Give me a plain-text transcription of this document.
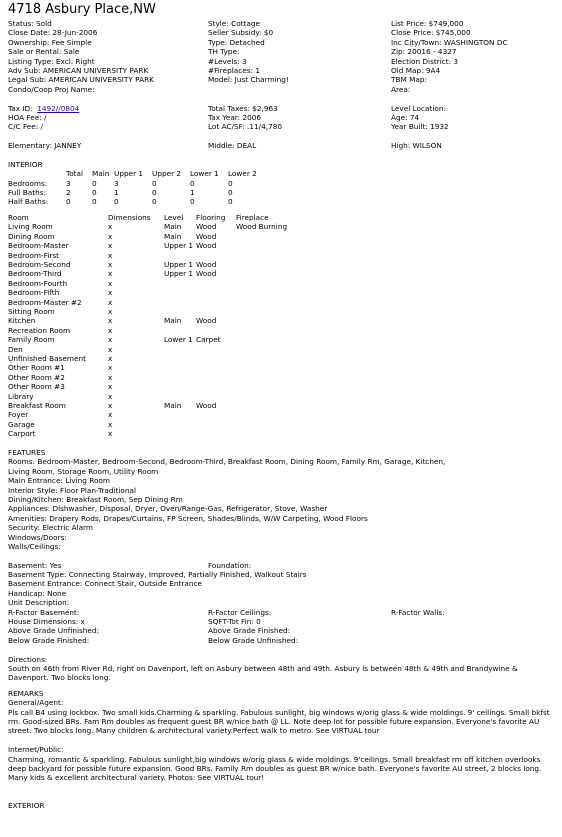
4718 Asbury Place,NW
Status: Sold
Close Date: 28-Jun-2006
Ownership: Fee Simple
Sale or Rental: Sale
Listing Type: Excl. Right
Adv Sub: AMERICAN UNIVERSITY PARK
Legal Sub: AMERICAN UNIVERSITY PARK
Condo/Coop Proj Name:
Style: Cottage
Seller Subsidy: $0
Type: Detached
TH Type:
#Levels: 3
#Fireplaces: 1
Model: Just Charming!
List Price: $749,000
Close Price: $745,000
Inc City/Town: WASHINGTON DC
Zip: 20016 - 4327
Election District: 3
Old Map: 9A4
TBM Map:
Area:
Tax ID: 1492//0804
HOA Fee: /
C/C Fee: /
Total Taxes: $2,963
Tax Year: 2006
Lot AC/SF: .11/4,780
Level Location:
Age: 74
Year Built: 1932
Elementary: JANNEY	Middle: DEAL	High: WILSON
INTERIOR
	Total	Main	Upper 1	Upper 2	Lower 1	Lower 2
Bedrooms:	3	0	3	0	0	0
Full Baths:	2	0	1	0	1	0
Half Baths:	0	0	0	0	0	0
Room	Dimensions	Level	Flooring	Fireplace
Living Room	x	Main	Wood	Wood Burning
Dining Room	x	Main	Wood	
Bedroom-Master	x	Upper 1	Wood	
Bedroom-First	x			
Bedroom-Second	x	Upper 1	Wood	
Bedroom-Third	x	Upper 1	Wood	
Bedroom-Fourth	x			
Bedroom-Fifth	x			
Bedroom-Master #2	x			
Sitting Room	x			
Kitchen	x	Main	Wood	
Recreation Room	x			
Family Room	x	Lower 1	Carpet	
Den	x			
Unfinished Basement	x			
Other Room #1	x			
Other Room #2	x			
Other Room #3	x			
Library	x			
Breakfast Room	x	Main	Wood	
Foyer	x			
Garage	x			
Carport	x			
FEATURES
Rooms: Bedroom-Master, Bedroom-Second, Bedroom-Third, Breakfast Room, Dining Room, Family Rm, Garage, Kitchen,
Living Room, Storage Room, Utility Room
Main Entrance: Living Room
Interior Style: Floor Plan-Traditional
Dining/Kitchen: Breakfast Room, Sep Dining Rm
Appliances: Dishwasher, Disposal, Dryer, Oven/Range-Gas, Refrigerator, Stove, Washer
Amenities: Drapery Rods, Drapes/Curtains, FP Screen, Shades/Blinds, W/W Carpeting, Wood Floors
Security: Electric Alarm
Windows/Doors:
Walls/Ceilings:
Basement: Yes	Foundation:
Basement Type: Connecting Stairway, Improved, Partially Finished, Walkout Stairs
Basement Entrance: Connect Stair, Outside Entrance
Handicap: None
Unit Description:
R-Factor Basement:	R-Factor Ceilings:	R-Factor Walls:
House Dimensions: x	SQFT-Tot Fin: 0
Above Grade Unfinished:	Above Grade Finished:
Below Grade Finished:	Below Grade Unfinished:
Directions:
South on 46th from River Rd, right on Davenport, left on Asbury between 48th and 49th. Asbury is between 48th & 49th and Brandywine & Davenport. Two blocks long.
REMARKS
General/Agent:
Pls call B4 using lockbox. Two small kids.Charming & sparkling. Fabulous sunlight, big windows w/orig glass & wide moldings. 9' ceilings. Small bkfst rm. Good-sized BRs. Fam Rm doubles as frequent guest BR w/nice bath @ LL. Note deep lot for possible future expansion. Everyone's favorite AU street. Two blocks long. Many children & architectural variety.Perfect walk to metro. See VIRTUAL tour
Internet/Public:
Charming, romantic & sparkling. Fabulous sunlight,big windows w/orig glass & wide moldings. 9'ceilings. Small breakfast rm off kitchen overlooks deep backyard for possible future expansion. Good BRs. Family Rm doubles as guest BR w/nice bath. Everyone's favorite AU street, 2 blocks long. Many kids & excellent architectural variety. Photos: See VIRTUAL tour!
EXTERIOR
